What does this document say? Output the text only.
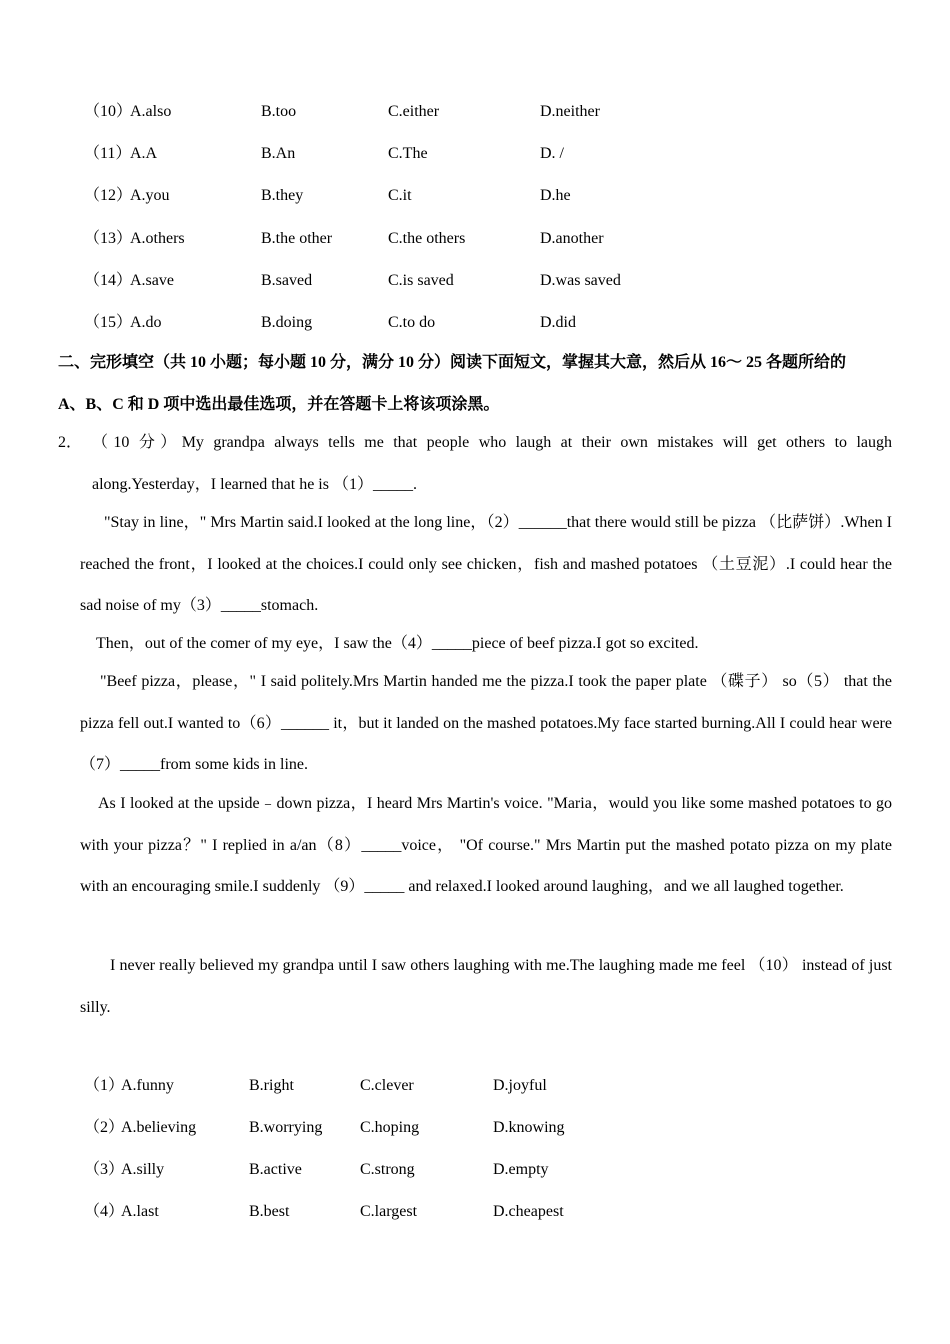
（10）
A.also	B.too	C.either	D.neither
（11）
A.A	B.An	C.The	D. /
（12）
A.you	B.they	C.it	D.he
（13）
A.others	B.the other	C.the others	D.another
（14）
A.save	B.saved	C.is saved	D.was saved
（15）
A.do	B.doing	C.to do	D.did
二、完形填空（共 10 小题；每小题 10 分，满分 10 分）阅读下面短文，掌握其大意，然后从 16～ 25 各题所给的
A、B、C 和 D 项中选出最佳选项，并在答题卡上将该项涂黑。
2． （10 分）My grandpa always tells me that people who laugh at their own mistakes will get others to laugh along.Yesterday，I learned that he is （1）_____.
"Stay in line，" Mrs Martin said.I looked at the long line，（2）______that there would still be pizza （比萨饼）.When I reached the front，I looked at the choices.I could only see chicken，fish and mashed potatoes （土豆泥）.I could hear the sad noise of my（3）_____stomach.
Then，out of the comer of my eye，I saw the（4）_____piece of beef pizza.I got so excited.
"Beef pizza，please，" I said politely.Mrs Martin handed me the pizza.I took the paper plate （碟子） so（5） that the pizza fell out.I wanted to（6）______ it，but it landed on the mashed potatoes.My face started burning.All I could hear were（7）_____from some kids in line.
As I looked at the upside﹣down pizza，I heard Mrs Martin's voice. "Maria，would you like some mashed potatoes to go with your pizza？" I replied in a/an（8）_____voice， "Of course." Mrs Martin put the mashed potato pizza on my plate with an encouraging smile.I suddenly （9）_____ and relaxed.I looked around laughing，and we all laughed together.
I never really believed my grandpa until I saw others laughing with me.The laughing made me feel （10） instead of just silly.
（1）
A.funny	B.right	C.clever	D.joyful
（2）
A.believing	B.worrying C.hoping	D.knowing
（3）
A.silly	B.active	C.strong	D.empty
（4）
A.last	B.best	C.largest	D.cheapest
